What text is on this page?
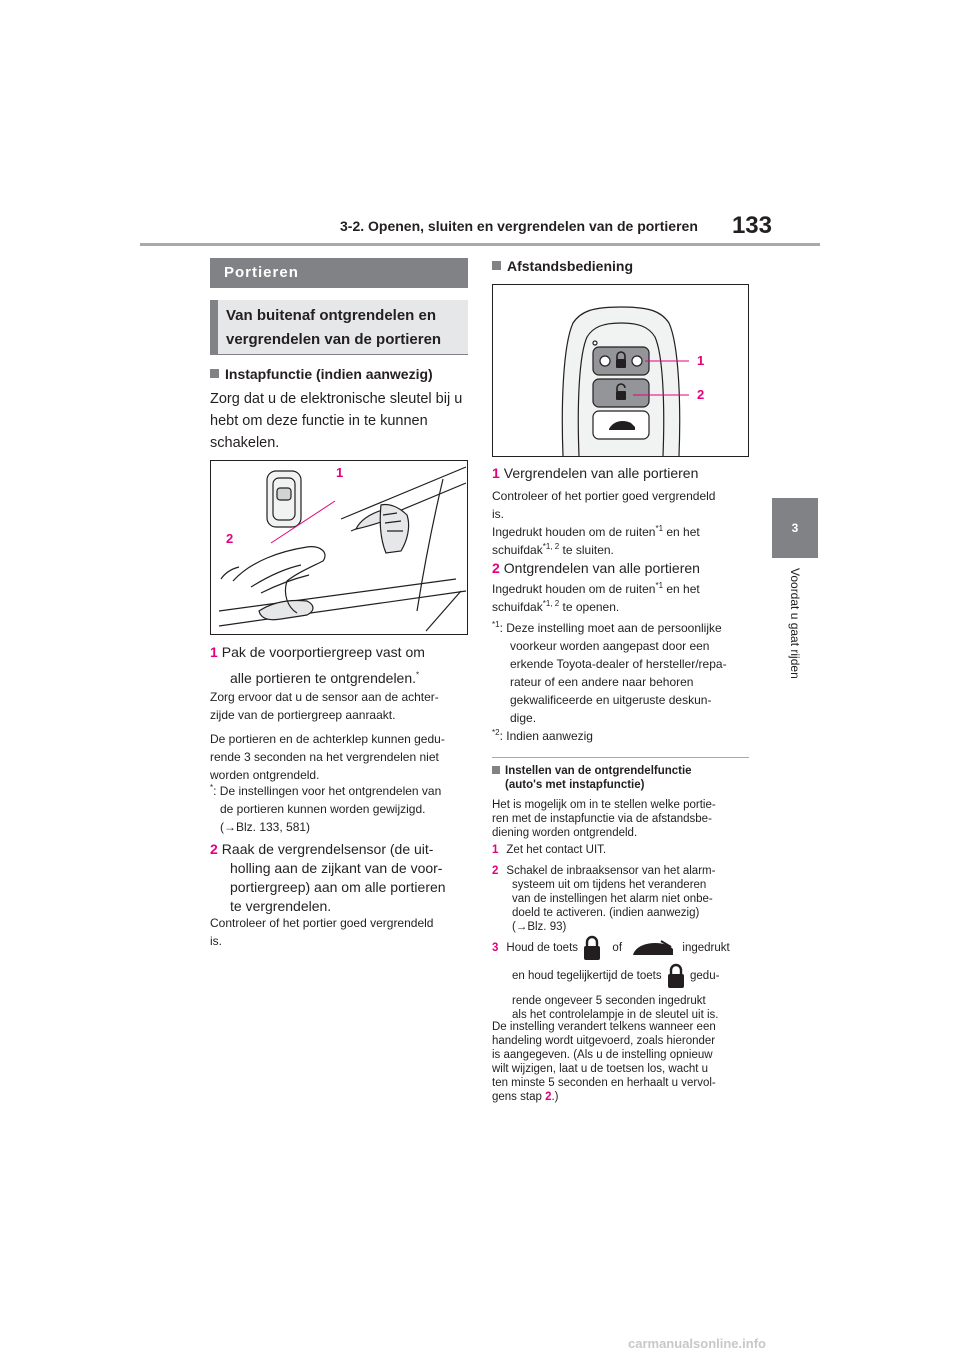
3-2. Openen, sluiten en vergrendelen van de portieren	133
3
Voordat u gaat rijden
Portieren
Van buitenaf ontgrendelen en
vergrendelen van de portieren
Instapfunctie (indien aanwezig)
Zorg dat u de elektronische sleutel bij u
hebt om deze functie in te kunnen
schakelen.
1
2
1 Pak de voorportiergreep vast om
alle portieren te ontgrendelen.*
Zorg ervoor dat u de sensor aan de achter-
zijde van de portiergreep aanraakt.
De portieren en de achterklep kunnen gedu-
rende 3 seconden na het vergrendelen niet
worden ontgrendeld.
*: De instellingen voor het ontgrendelen van
de portieren kunnen worden gewijzigd.
(→Blz. 133, 581)
2 Raak de vergrendelsensor (de uit-
holling aan de zijkant van de voor-
portiergreep) aan om alle portieren
te vergrendelen.
Controleer of het portier goed vergrendeld
is.
Afstandsbediening
1
2
1 Vergrendelen van alle portieren
Controleer of het portier goed vergrendeld
is.
Ingedrukt houden om de ruiten$^{*1}$ en het
schuifdak$^{*1, 2}$ te sluiten.
2 Ontgrendelen van alle portieren
Ingedrukt houden om de ruiten$^{*1}$ en het
schuifdak$^{*1, 2}$ te openen.
$^{*1}$: Deze instelling moet aan de persoonlijke
voorkeur worden aangepast door een
erkende Toyota-dealer of hersteller/repa-
rateur of een andere naar behoren
gekwalificeerde en uitgeruste deskun-
dige.
$^{*2}$: Indien aanwezig
Instellen van de ontgrendelfunctie
(auto's met instapfunctie)
Het is mogelijk om in te stellen welke portie-
ren met de instapfunctie via de afstandsbe-
diening worden ontgrendeld.
1 Zet het contact UIT.
2 Schakel de inbraaksensor van het alarm-
systeem uit om tijdens het veranderen
van de instellingen het alarm niet onbe-
doeld te activeren. (indien aanwezig)
(→Blz. 93)
3 Houd de toets	of	ingedrukt
en houd tegelijkertijd de toets gedu-
rende ongeveer 5 seconden ingedrukt
als het controlelampje in de sleutel uit is.
De instelling verandert telkens wanneer een
handeling wordt uitgevoerd, zoals hieronder
is aangegeven. (Als u de instelling opnieuw
wilt wijzigen, laat u de toetsen los, wacht u
ten minste 5 seconden en herhaalt u vervol-
gens stap 2.)
carmanualsonline.info
